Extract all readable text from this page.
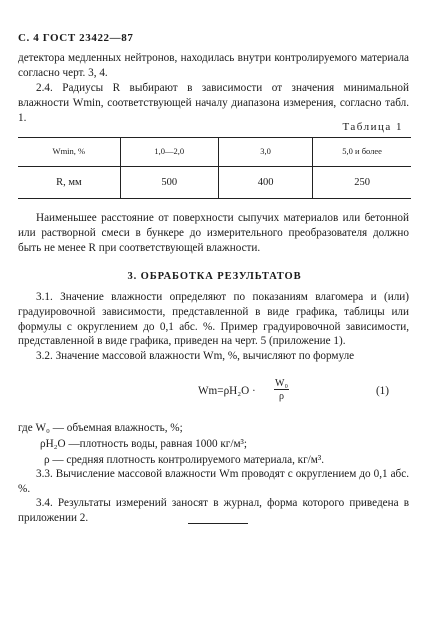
С. 4 ГОСТ 23422—87
детектора медленных нейтронов, находилась внутри контролируемого материала согласно черт. 3, 4.
2.4. Радиусы R выбирают в зависимости от значения минимальной влажности Wmin, соответствующей началу диапазона измерения, согласно табл. 1.
Таблица 1
Wmin, %	1,0—2,0	3,0	5,0 и более
R, мм	500	400	250
Наименьшее расстояние от поверхности сыпучих материалов или бетонной или растворной смеси в бункере до измерительного преобразователя должно быть не менее R при соответствующей влажности.
3. ОБРАБОТКА РЕЗУЛЬТАТОВ
3.1. Значение влажности определяют по показаниям влагомера и (или) градуировочной зависимости, представленной в виде графика, таблицы или формулы с округлением до 0,1 абс. %. Пример градуировочной зависимости, представленной в виде графика, приведен на черт. 5 (приложение 1).
3.2. Значение массовой влажности Wm, %, вычисляют по формуле
$Wm=\rho H_2O \cdot \frac{\text{W₀}}{\rho}$	(1)
где W₀ — объемная влажность, %;
ρH₂O —плотность воды, равная 1000 кг/м³;
ρ — средняя плотность контролируемого материала, кг/м³.
3.3. Вычисление массовой влажности Wm проводят с округлением до 0,1 абс. %.
3.4. Результаты измерений заносят в журнал, форма которого приведена в приложении 2.
